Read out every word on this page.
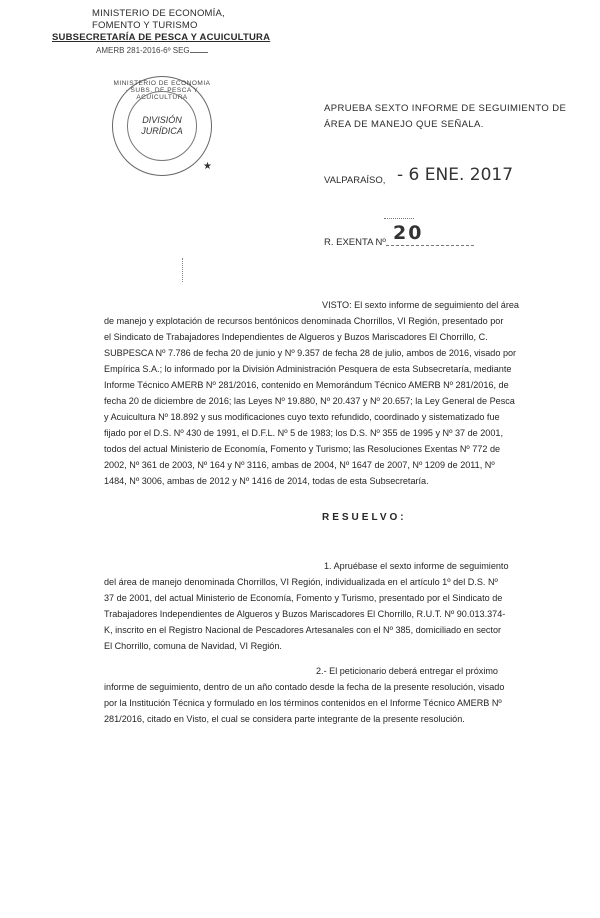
MINISTERIO DE ECONOMÍA,
FOMENTO Y TURISMO
SUBSECRETARÍA DE PESCA Y ACUICULTURA
AMERB 281-2016-6º SEG.
MINISTERIO DE ECONOMIA · SUBS. DE PESCA Y ACUICULTURA
DIVISIÓN
JURÍDICA
★
APRUEBA SEXTO INFORME DE SEGUIMIENTO DE
ÁREA DE MANEJO QUE SEÑALA.
VALPARAÍSO, - 6 ENE. 2017
R. EXENTA Nº 20
VISTO: El sexto informe de seguimiento del área
de manejo y explotación de recursos bentónicos denominada Chorrillos, VI Región, presentado por
el Sindicato de Trabajadores Independientes de Algueros y Buzos Mariscadores El Chorrillo, C.
SUBPESCA Nº 7.786 de fecha 20 de junio y Nº 9.357 de fecha 28 de julio, ambos de 2016, visado por
Empírica S.A.; lo informado por la División Administración Pesquera de esta Subsecretaría, mediante
Informe Técnico AMERB Nº 281/2016, contenido en Memorándum Técnico AMERB Nº 281/2016, de
fecha 20 de diciembre de 2016; las Leyes Nº 19.880, Nº 20.437 y Nº 20.657; la Ley General de Pesca
y Acuicultura Nº 18.892 y sus modificaciones cuyo texto refundido, coordinado y sistematizado fue
fijado por el D.S. Nº 430 de 1991, el D.F.L. Nº 5 de 1983; los D.S. Nº 355 de 1995 y Nº 37 de 2001,
todos del actual Ministerio de Economía, Fomento y Turismo; las Resoluciones Exentas Nº 772 de
2002, Nº 361 de 2003, Nº 164 y Nº 3116, ambas de 2004, Nº 1647 de 2007, Nº 1209 de 2011, Nº
1484, Nº 3006, ambas de 2012 y Nº 1416 de 2014, todas de esta Subsecretaría.
RESUELVO:
1. Apruébase el sexto informe de seguimiento
del área de manejo denominada Chorrillos, VI Región, individualizada en el artículo 1º del D.S. Nº
37 de 2001, del actual Ministerio de Economía, Fomento y Turismo, presentado por el Sindicato de
Trabajadores Independientes de Algueros y Buzos Mariscadores El Chorrillo, R.U.T. Nº 90.013.374-
K, inscrito en el Registro Nacional de Pescadores Artesanales con el Nº 385, domiciliado en sector
El Chorrillo, comuna de Navidad, VI Región.
2.- El peticionario deberá entregar el próximo
informe de seguimiento, dentro de un año contado desde la fecha de la presente resolución, visado
por la Institución Técnica y formulado en los términos contenidos en el Informe Técnico AMERB Nº
281/2016, citado en Visto, el cual se considera parte integrante de la presente resolución.
